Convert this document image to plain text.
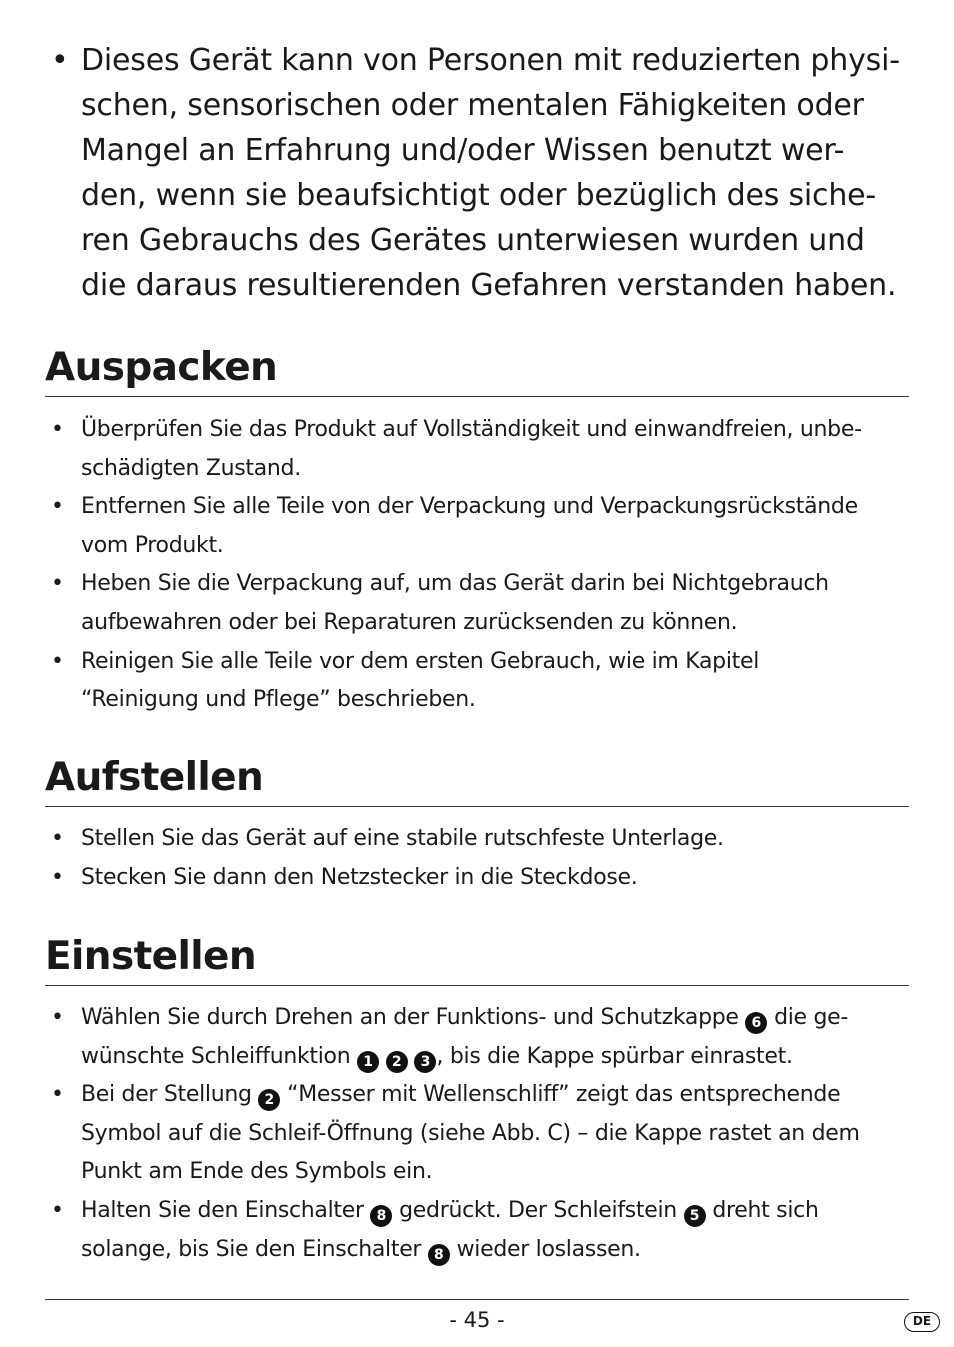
• Dieses Gerät kann von Personen mit reduzierten physi-
schen, sensorischen oder mentalen Fähigkeiten oder
Mangel an Erfahrung und/oder Wissen benutzt wer-
den, wenn sie beaufsichtigt oder bezüglich des siche-
ren Gebrauchs des Gerätes unterwiesen wurden und
die daraus resultierenden Gefahren verstanden haben.
Auspacken
• Überprüfen Sie das Produkt auf Vollständigkeit und einwandfreien, unbe-
schädigten Zustand.
• Entfernen Sie alle Teile von der Verpackung und Verpackungsrückstände
vom Produkt.
• Heben Sie die Verpackung auf, um das Gerät darin bei Nichtgebrauch
aufbewahren oder bei Reparaturen zurücksenden zu können.
• Reinigen Sie alle Teile vor dem ersten Gebrauch, wie im Kapitel
“Reinigung und Pflege” beschrieben.
Aufstellen
• Stellen Sie das Gerät auf eine stabile rutschfeste Unterlage.
• Stecken Sie dann den Netzstecker in die Steckdose.
Einstellen
• Wählen Sie durch Drehen an der Funktions- und Schutzkappe 6 die ge-
wünschte Schleiffunktion 1 2 3 , bis die Kappe spürbar einrastet.
• Bei der Stellung 2 “Messer mit Wellenschliff” zeigt das entsprechende
Symbol auf die Schleif-Öffnung (siehe Abb. C) – die Kappe rastet an dem
Punkt am Ende des Symbols ein.
• Halten Sie den Einschalter 8 gedrückt. Der Schleifstein 5 dreht sich
solange, bis Sie den Einschalter 8 wieder loslassen.
- 45 -	DE
